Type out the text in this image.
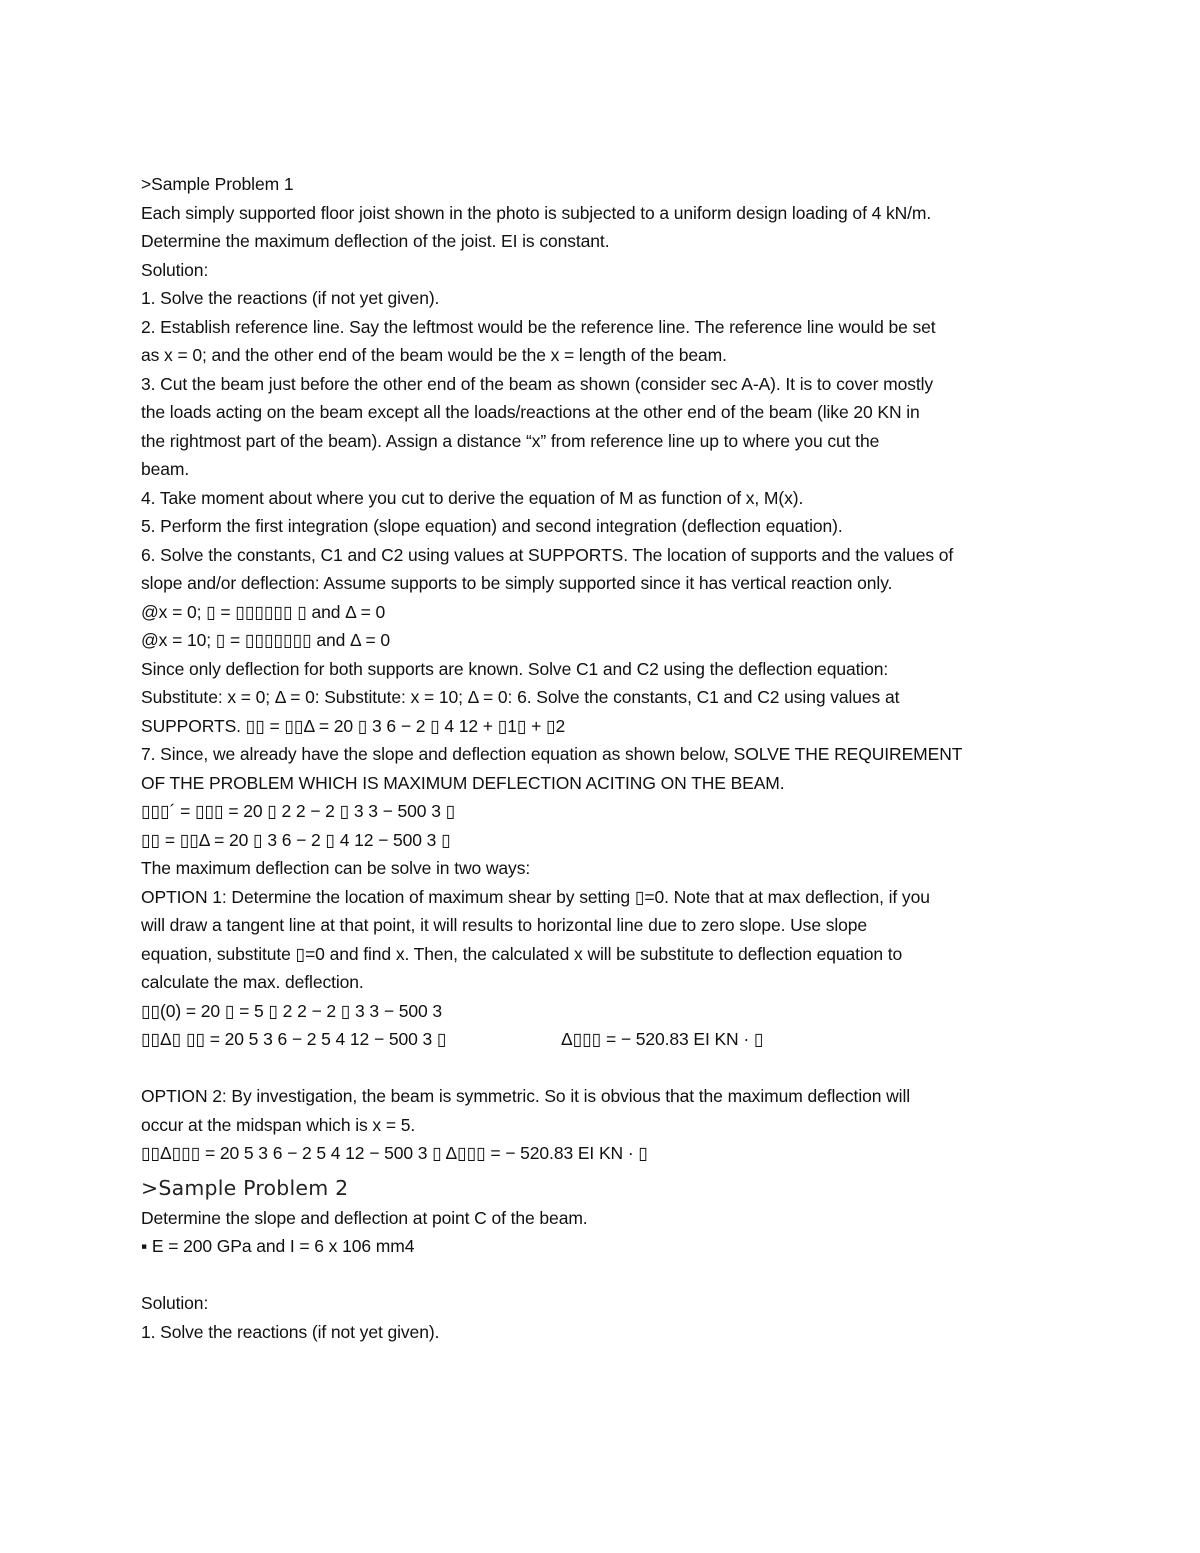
>Sample Problem 1
Each simply supported floor joist shown in the photo is subjected to a uniform design loading of 4 kN/m.
Determine the maximum deflection of the joist. EI is constant.
Solution:
1. Solve the reactions (if not yet given).
2. Establish reference line. Say the leftmost would be the reference line. The reference line would be set
as x = 0; and the other end of the beam would be the x = length of the beam.
3. Cut the beam just before the other end of the beam as shown (consider sec A-A). It is to cover mostly
the loads acting on the beam except all the loads/reactions at the other end of the beam (like 20 KN in
the rightmost part of the beam). Assign a distance “x” from reference line up to where you cut the
beam.
4. Take moment about where you cut to derive the equation of M as function of x, M(x).
5. Perform the first integration (slope equation) and second integration (deflection equation).
6. Solve the constants, C1 and C2 using values at SUPPORTS. The location of supports and the values of
slope and/or deflection: Assume supports to be simply supported since it has vertical reaction only.
@x = 0; ▯ = ▯▯▯▯▯▯ ▯ and Δ = 0
@x = 10; ▯ = ▯▯▯▯▯▯▯ and Δ = 0
Since only deflection for both supports are known. Solve C1 and C2 using the deflection equation:
Substitute: x = 0; Δ = 0: Substitute: x = 10; Δ = 0: 6. Solve the constants, C1 and C2 using values at
SUPPORTS. ▯▯ = ▯▯Δ = 20 ▯ 3 6 − 2 ▯ 4 12 + ▯1▯ + ▯2
7. Since, we already have the slope and deflection equation as shown below, SOLVE THE REQUIREMENT
OF THE PROBLEM WHICH IS MAXIMUM DEFLECTION ACITING ON THE BEAM.
▯▯▯´ = ▯▯▯ = 20 ▯ 2 2 − 2 ▯ 3 3 − 500 3 ▯
▯▯ = ▯▯Δ = 20 ▯ 3 6 − 2 ▯ 4 12 − 500 3 ▯
The maximum deflection can be solve in two ways:
OPTION 1: Determine the location of maximum shear by setting ▯=0. Note that at max deflection, if you
will draw a tangent line at that point, it will results to horizontal line due to zero slope. Use slope
equation, substitute ▯=0 and find x. Then, the calculated x will be substitute to deflection equation to
calculate the max. deflection.
▯▯(0) = 20 ▯ = 5 ▯ 2 2 − 2 ▯ 3 3 − 500 3
▯▯Δ▯ ▯▯ = 20 5 3 6 − 2 5 4 12 − 500 3 ▯	Δ▯▯▯ = − 520.83 EI KN · ▯
OPTION 2: By investigation, the beam is symmetric. So it is obvious that the maximum deflection will
occur at the midspan which is x = 5.
▯▯Δ▯▯▯ = 20 5 3 6 − 2 5 4 12 − 500 3 ▯ Δ▯▯▯ = − 520.83 EI KN · ▯
>Sample Problem 2
Determine the slope and deflection at point C of the beam.
▪ E = 200 GPa and I = 6 x 106 mm4
Solution:
1. Solve the reactions (if not yet given).
